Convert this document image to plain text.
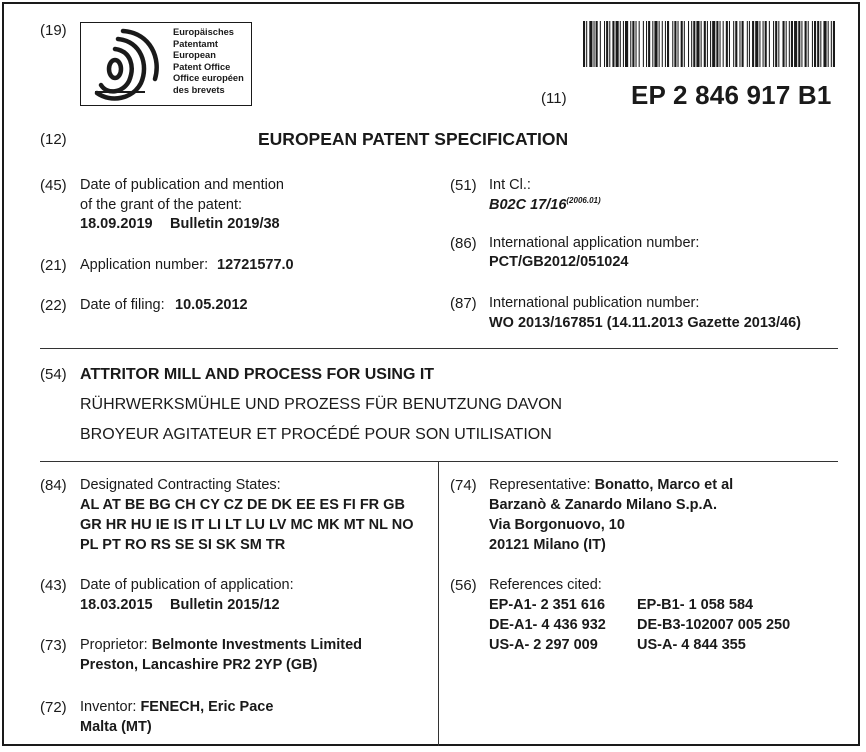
(19)	Europäisches
Patentamt
European
Patent Office
Office européen
des brevets
(11) EP 2 846 917 B1
(12)	EUROPEAN PATENT SPECIFICATION
(45) Date of publication and mention
of the grant of the patent:
18.09.2019 Bulletin 2019/38
(21) Application number: 12721577.0
(22) Date of filing: 10.05.2012
(51) Int Cl.:
B02C $17/16^{(2006.01)}$
(86) International application number:
PCT/GB2012/051024
(87) International publication number:
WO 2013/167851 (14.11.2013 Gazette 2013/46)
(54) ATTRITOR MILL AND PROCESS FOR USING IT
RÜHRWERKSMÜHLE UND PROZESS FÜR BENUTZUNG DAVON
BROYEUR AGITATEUR ET PROCÉDÉ POUR SON UTILISATION
(84) Designated Contracting States:
AL AT BE BG CH CY CZ DE DK EE ES FI FR GB
GR HR HU IE IS IT LI LT LU LV MC MK MT NL NO
PL PT RO RS SE SI SK SM TR
(43) Date of publication of application:
18.03.2015 Bulletin 2015/12
(73) Proprietor: Belmonte Investments Limited
Preston, Lancashire PR2 2YP (GB)
(72) Inventor: FENECH, Eric Pace
Malta (MT)
(74) Representative: Bonatto, Marco et al
Barzanò & Zanardo Milano S.p.A.
Via Borgonuovo, 10
20121 Milano (IT)
(56) References cited:
EP-A1- 2 351 616
DE-A1- 4 436 932
US-A- 2 297 009
EP-B1- 1 058 584
DE-B3-102007 005 250
US-A- 4 844 355
